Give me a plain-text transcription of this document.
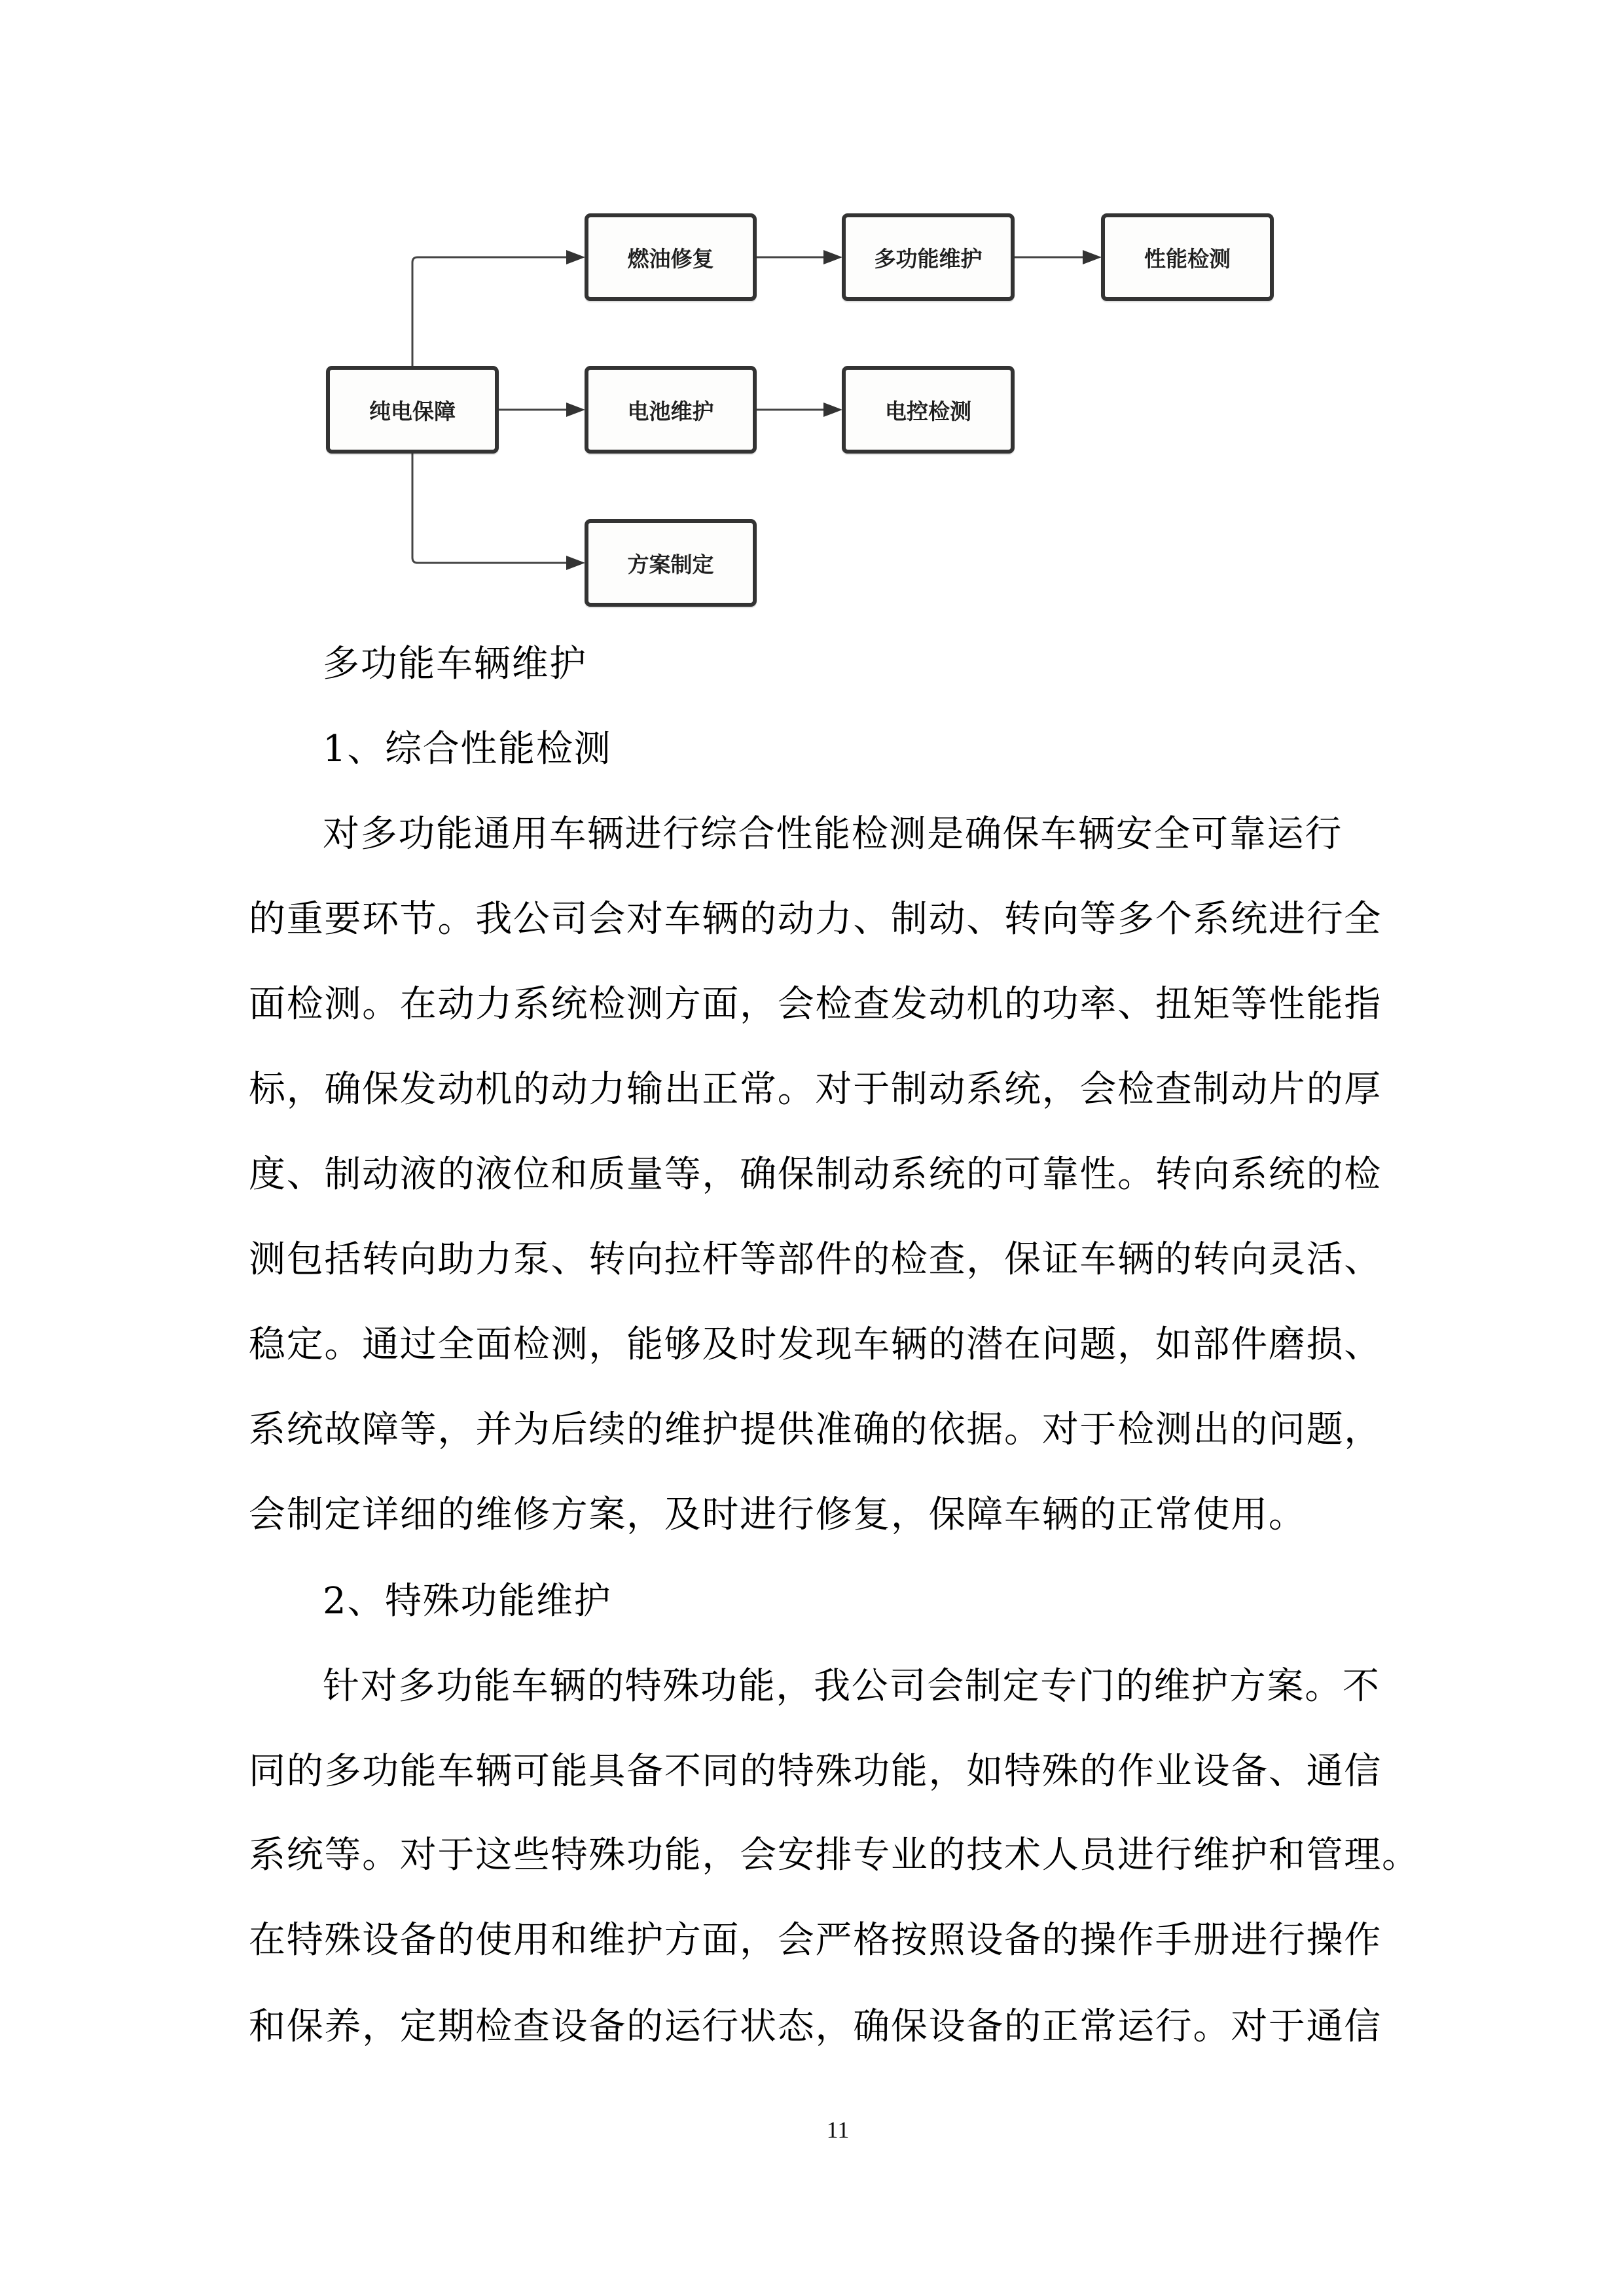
纯电保障
燃油修复	多功能维护	性能检测
电池维护	电控检测
方案制定
多功能车辆维护
1、综合性能检测
对多功能通用车辆进行综合性能检测是确保车辆安全可靠运行
的重要环节。我公司会对车辆的动力、制动、转向等多个系统进行全
面检测。在动力系统检测方面，会检查发动机的功率、扭矩等性能指
标，确保发动机的动力输出正常。对于制动系统，会检查制动片的厚
度、制动液的液位和质量等，确保制动系统的可靠性。转向系统的检
测包括转向助力泵、转向拉杆等部件的检查，保证车辆的转向灵活、
稳定。通过全面检测，能够及时发现车辆的潜在问题，如部件磨损、
系统故障等，并为后续的维护提供准确的依据。对于检测出的问题，
会制定详细的维修方案，及时进行修复，保障车辆的正常使用。
2、特殊功能维护
针对多功能车辆的特殊功能，我公司会制定专门的维护方案。不
同的多功能车辆可能具备不同的特殊功能，如特殊的作业设备、通信
系统等。对于这些特殊功能，会安排专业的技术人员进行维护和管理。
在特殊设备的使用和维护方面，会严格按照设备的操作手册进行操作
和保养，定期检查设备的运行状态，确保设备的正常运行。对于通信
11
